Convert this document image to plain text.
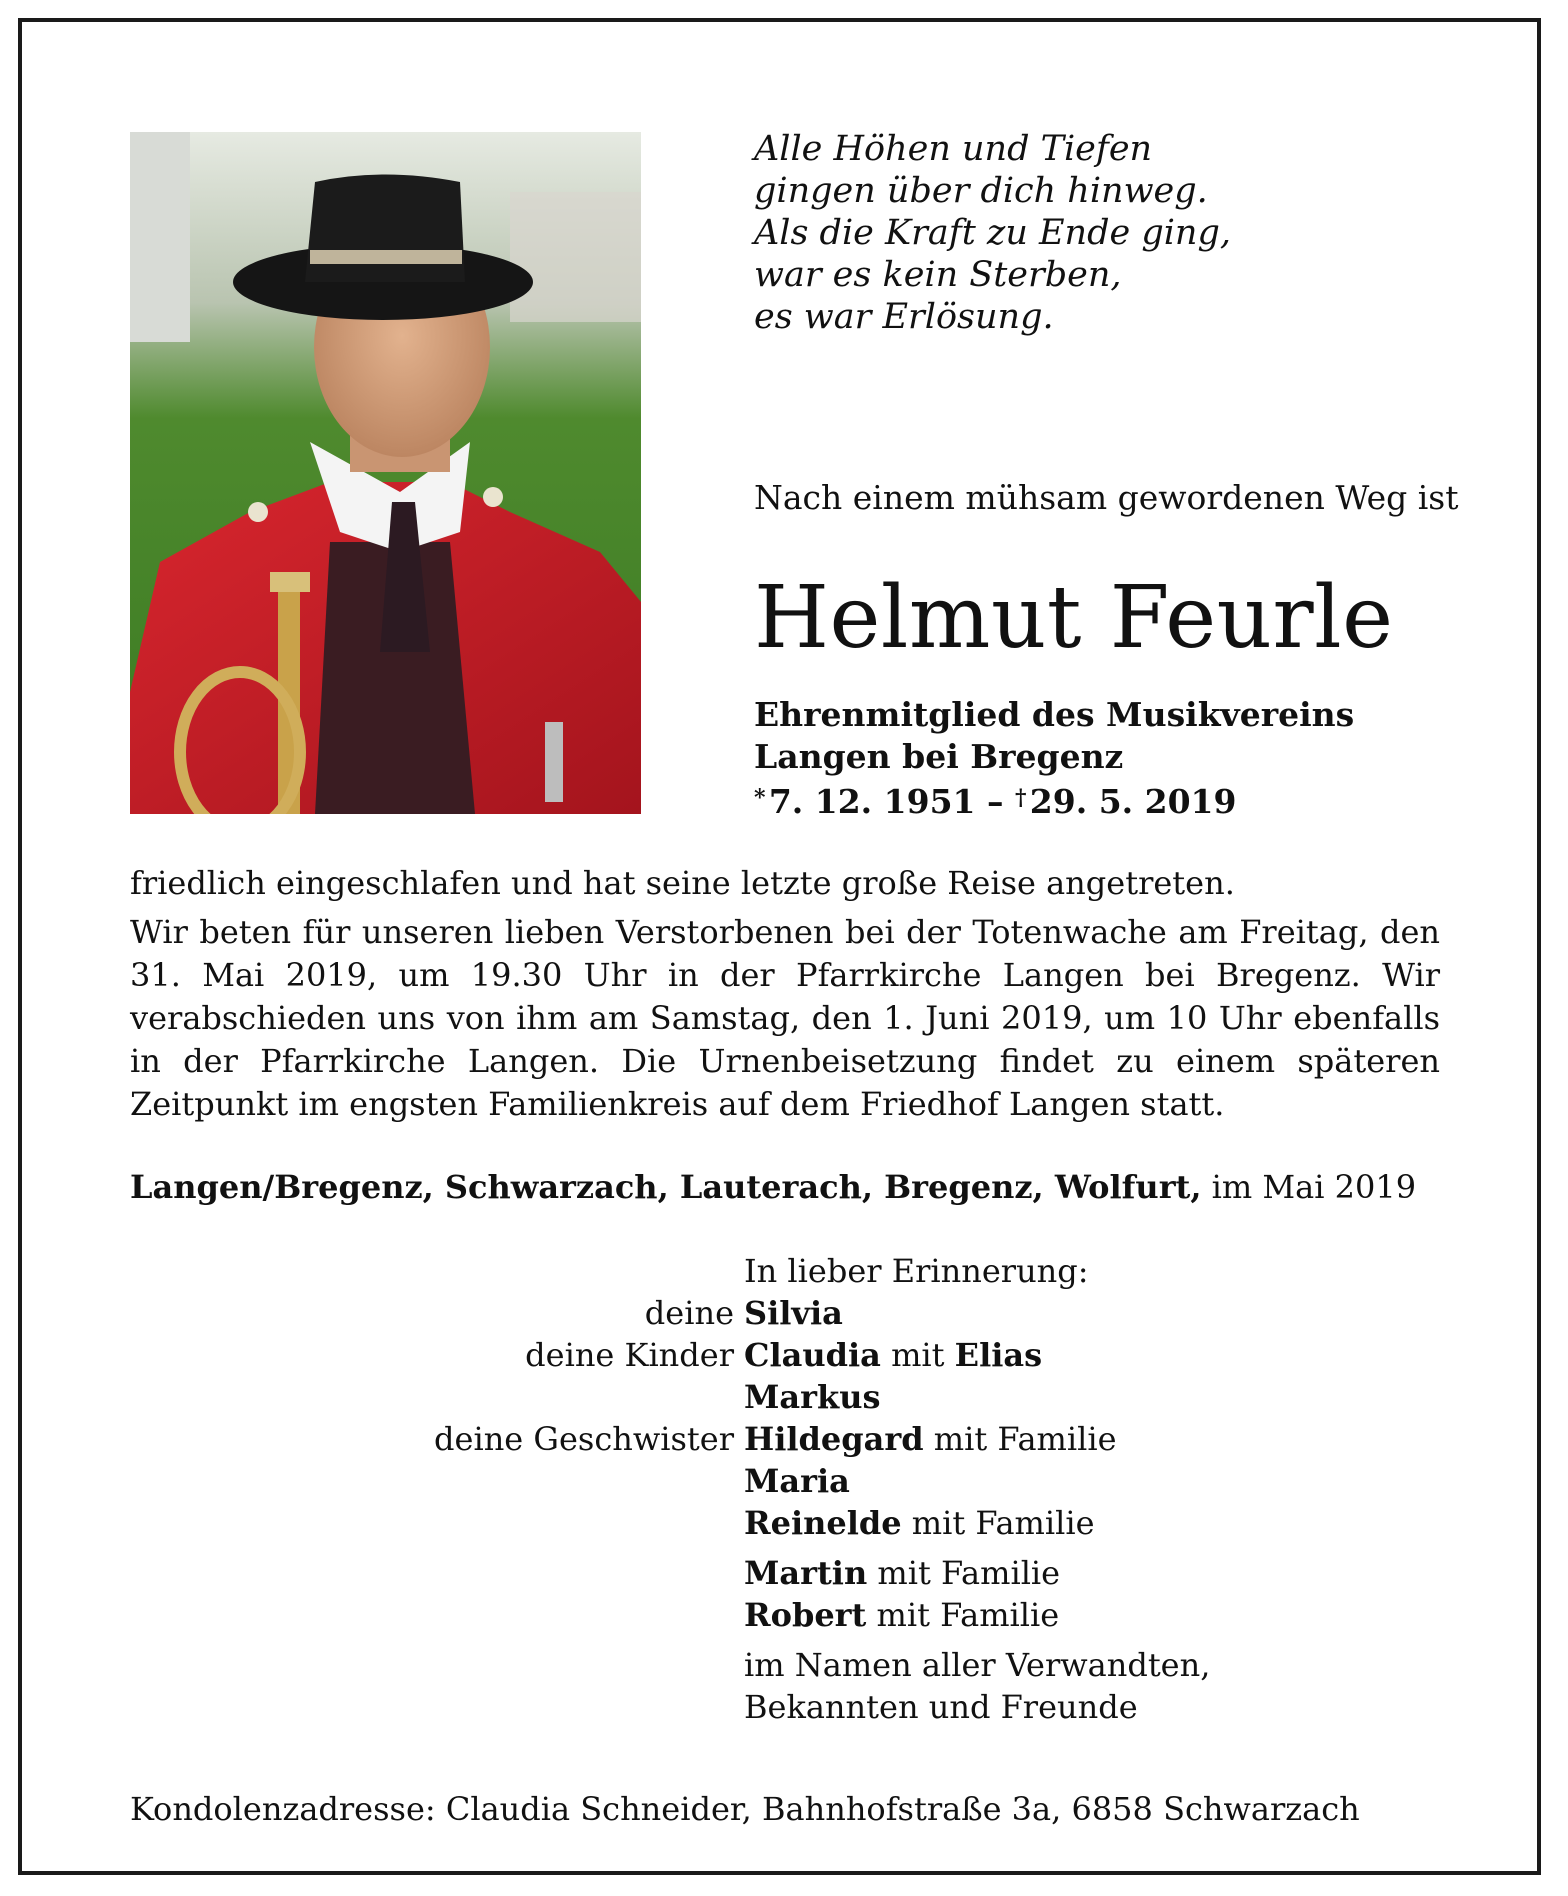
Alle Höhen und Tiefen
gingen über dich hinweg.
Als die Kraft zu Ende ging,
war es kein Sterben,
es war Erlösung.
Nach einem mühsam gewordenen Weg ist
Helmut Feurle
Ehrenmitglied des Musikvereins
Langen bei Bregenz
* 7. 12. 1951 – † 29. 5. 2019
friedlich eingeschlafen und hat seine letzte große Reise angetreten.
Wir beten für unseren lieben Verstorbenen bei der Totenwache am Freitag, den 31. Mai 2019, um 19.30 Uhr in der Pfarrkirche Langen bei Bregenz. Wir verabschieden uns von ihm am Samstag, den 1. Juni 2019, um 10 Uhr ebenfalls in der Pfarrkirche Langen. Die Urnenbeisetzung findet zu einem späteren Zeitpunkt im engsten Familienkreis auf dem Friedhof Langen statt.
Langen/Bregenz, Schwarzach, Lauterach, Bregenz, Wolfurt, im Mai 2019
In lieber Erinnerung:
deine Silvia
deine Kinder Claudia mit Elias
Markus
deine Geschwister Hildegard mit Familie
Maria
Reinelde mit Familie
Martin mit Familie
Robert mit Familie
im Namen aller Verwandten,
Bekannten und Freunde
Kondolenzadresse: Claudia Schneider, Bahnhofstraße 3a, 6858 Schwarzach
